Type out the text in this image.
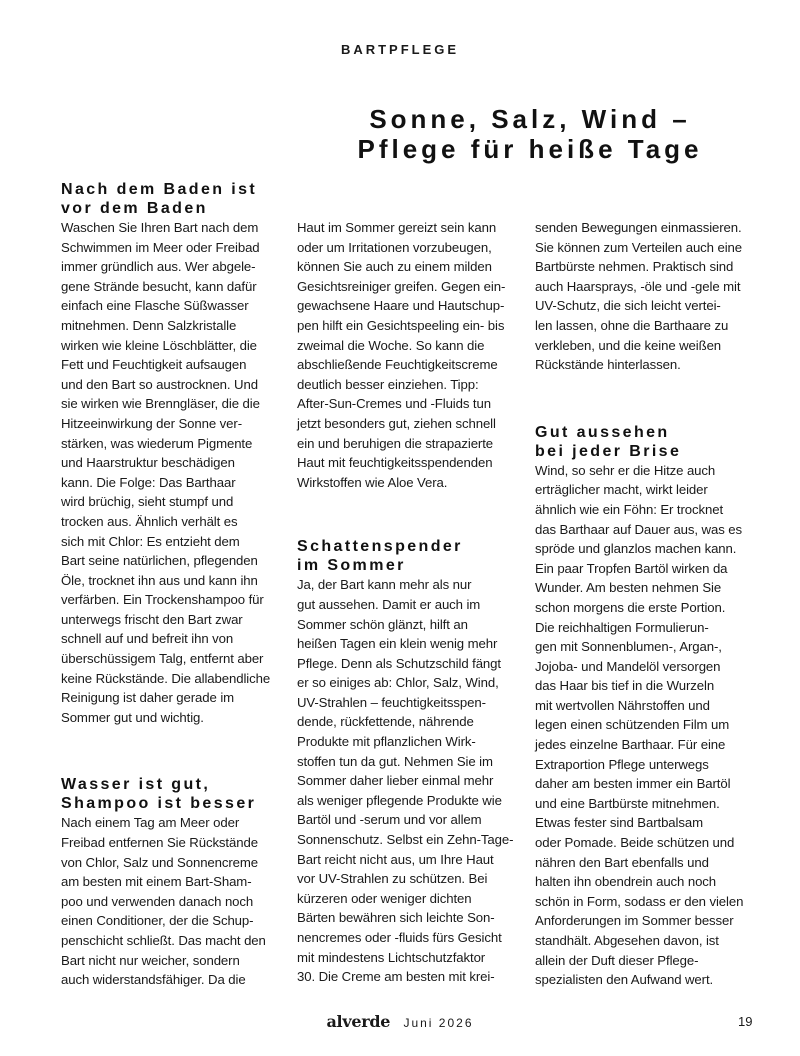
BARTPFLEGE
Sonne, Salz, Wind –
Pflege für heiße Tage
Nach dem Baden ist
vor dem Baden

Waschen Sie Ihren Bart nach dem
Schwimmen im Meer oder Freibad
immer gründlich aus. Wer abgele-
gene Strände besucht, kann dafür
einfach eine Flasche Süßwasser
mitnehmen. Denn Salzkristalle
wirken wie kleine Löschblätter, die
Fett und Feuchtigkeit aufsaugen
und den Bart so austrocknen. Und
sie wirken wie Brenngläser, die die
Hitzeeinwirkung der Sonne ver-
stärken, was wiederum Pigmente
und Haarstruktur beschädigen
kann. Die Folge: Das Barthaar
wird brüchig, sieht stumpf und
trocken aus. Ähnlich verhält es
sich mit Chlor: Es entzieht dem
Bart seine natürlichen, pflegenden
Öle, trocknet ihn aus und kann ihn
verfärben. Ein Trockenshampoo für
unterwegs frischt den Bart zwar
schnell auf und befreit ihn von
überschüssigem Talg, entfernt aber
keine Rückstände. Die allabendliche
Reinigung ist daher gerade im
Sommer gut und wichtig.

Wasser ist gut,
Shampoo ist besser

Nach einem Tag am Meer oder
Freibad entfernen Sie Rückstände
von Chlor, Salz und Sonnencreme
am besten mit einem Bart-Sham-
poo und verwenden danach noch
einen Conditioner, der die Schup-
penschicht schließt. Das macht den
Bart nicht nur weicher, sondern
auch widerstandsfähiger. Da die

Haut im Sommer gereizt sein kann
oder um Irritationen vorzubeugen,
können Sie auch zu einem milden
Gesichtsreiniger greifen. Gegen ein-
gewachsene Haare und Hautschup-
pen hilft ein Gesichtspeeling ein- bis
zweimal die Woche. So kann die
abschließende Feuchtigkeitscreme
deutlich besser einziehen. Tipp:
After-Sun-Cremes und -Fluids tun
jetzt besonders gut, ziehen schnell
ein und beruhigen die strapazierte
Haut mit feuchtigkeitsspendenden
Wirkstoffen wie Aloe Vera.

Schattenspender
im Sommer

Ja, der Bart kann mehr als nur
gut aussehen. Damit er auch im
Sommer schön glänzt, hilft an
heißen Tagen ein klein wenig mehr
Pflege. Denn als Schutzschild fängt
er so einiges ab: Chlor, Salz, Wind,
UV-Strahlen – feuchtigkeitsspen-
dende, rückfettende, nährende
Produkte mit pflanzlichen Wirk-
stoffen tun da gut. Nehmen Sie im
Sommer daher lieber einmal mehr
als weniger pflegende Produkte wie
Bartöl und -serum und vor allem
Sonnenschutz. Selbst ein Zehn-Tage-
Bart reicht nicht aus, um Ihre Haut
vor UV-Strahlen zu schützen. Bei
kürzeren oder weniger dichten
Bärten bewähren sich leichte Son-
nencremes oder -fluids fürs Gesicht
mit mindestens Lichtschutzfaktor
30. Die Creme am besten mit krei-

senden Bewegungen einmassieren.
Sie können zum Verteilen auch eine
Bartbürste nehmen. Praktisch sind
auch Haarsprays, -öle und -gele mit
UV-Schutz, die sich leicht vertei-
len lassen, ohne die Barthaare zu
verkleben, und die keine weißen
Rückstände hinterlassen.

Gut aussehen
bei jeder Brise

Wind, so sehr er die Hitze auch
erträglicher macht, wirkt leider
ähnlich wie ein Föhn: Er trocknet
das Barthaar auf Dauer aus, was es
spröde und glanzlos machen kann.
Ein paar Tropfen Bartöl wirken da
Wunder. Am besten nehmen Sie
schon morgens die erste Portion.
Die reichhaltigen Formulierun-
gen mit Sonnenblumen-, Argan-,
Jojoba- und Mandelöl versorgen
das Haar bis tief in die Wurzeln
mit wertvollen Nährstoffen und
legen einen schützenden Film um
jedes einzelne Barthaar. Für eine
Extraportion Pflege unterwegs
daher am besten immer ein Bartöl
und eine Bartbürste mitnehmen.
Etwas fester sind Bartbalsam
oder Pomade. Beide schützen und
nähren den Bart ebenfalls und
halten ihn obendrein auch noch
schön in Form, sodass er den vielen
Anforderungen im Sommer besser
standhält. Abgesehen davon, ist
allein der Duft dieser Pflege-
spezialisten den Aufwand wert.

alverde Juni 2026	19
